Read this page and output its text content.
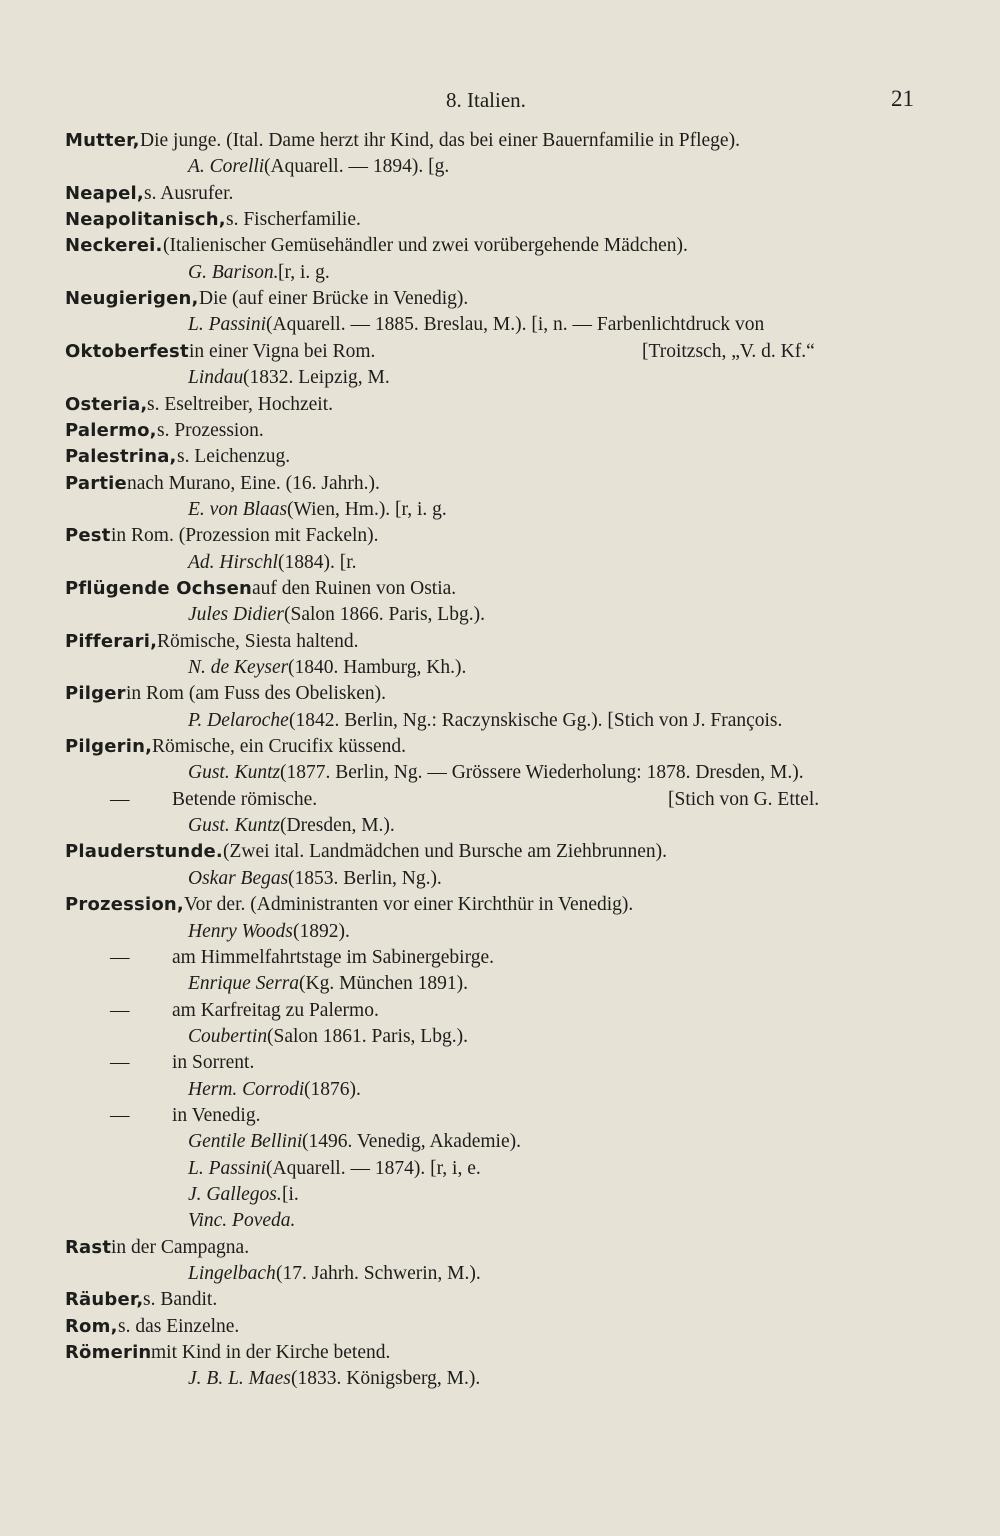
8. Italien.	21
Mutter, Die junge. (Ital. Dame herzt ihr Kind, das bei einer Bauernfamilie in Pflege).
A. Corelli (Aquarell. — 1894). [g.
Neapel, s. Ausrufer.
Neapolitanisch, s. Fischerfamilie.
Neckerei. (Italienischer Gemüsehändler und zwei vorübergehende Mädchen).
G. Barison. [r, i. g.
Neugierigen, Die (auf einer Brücke in Venedig).
L. Passini (Aquarell. — 1885. Breslau, M.). [i, n. — Farbenlichtdruck von
Oktoberfest in einer Vigna bei Rom.	[Troitzsch, „V. d. Kf.“
Lindau (1832. Leipzig, M.
Osteria, s. Eseltreiber, Hochzeit.
Palermo, s. Prozession.
Palestrina, s. Leichenzug.
Partie nach Murano, Eine. (16. Jahrh.).
E. von Blaas (Wien, Hm.). [r, i. g.
Pest in Rom. (Prozession mit Fackeln).
Ad. Hirschl (1884). [r.
Pflügende Ochsen auf den Ruinen von Ostia.
Jules Didier (Salon 1866. Paris, Lbg.).
Pifferari, Römische, Siesta haltend.
N. de Keyser (1840. Hamburg, Kh.).
Pilger in Rom (am Fuss des Obelisken).
P. Delaroche (1842. Berlin, Ng.: Raczynskische Gg.). [Stich von J. François.
Pilgerin, Römische, ein Crucifix küssend.
Gust. Kuntz (1877. Berlin, Ng. — Grössere Wiederholung: 1878. Dresden, M.).
— Betende römische.	[Stich von G. Ettel.
Gust. Kuntz (Dresden, M.).
Plauderstunde. (Zwei ital. Landmädchen und Bursche am Ziehbrunnen).
Oskar Begas (1853. Berlin, Ng.).
Prozession, Vor der. (Administranten vor einer Kirchthür in Venedig).
Henry Woods (1892).
— am Himmelfahrtstage im Sabinergebirge.
Enrique Serra (Kg. München 1891).
— am Karfreitag zu Palermo.
Coubertin (Salon 1861. Paris, Lbg.).
— in Sorrent.
Herm. Corrodi (1876).
— in Venedig.
Gentile Bellini (1496. Venedig, Akademie).
L. Passini (Aquarell. — 1874). [r, i, e.
J. Gallegos. [i.
Vinc. Poveda.
Rast in der Campagna.
Lingelbach (17. Jahrh. Schwerin, M.).
Räuber, s. Bandit.
Rom, s. das Einzelne.
Römerin mit Kind in der Kirche betend.
J. B. L. Maes (1833. Königsberg, M.).
